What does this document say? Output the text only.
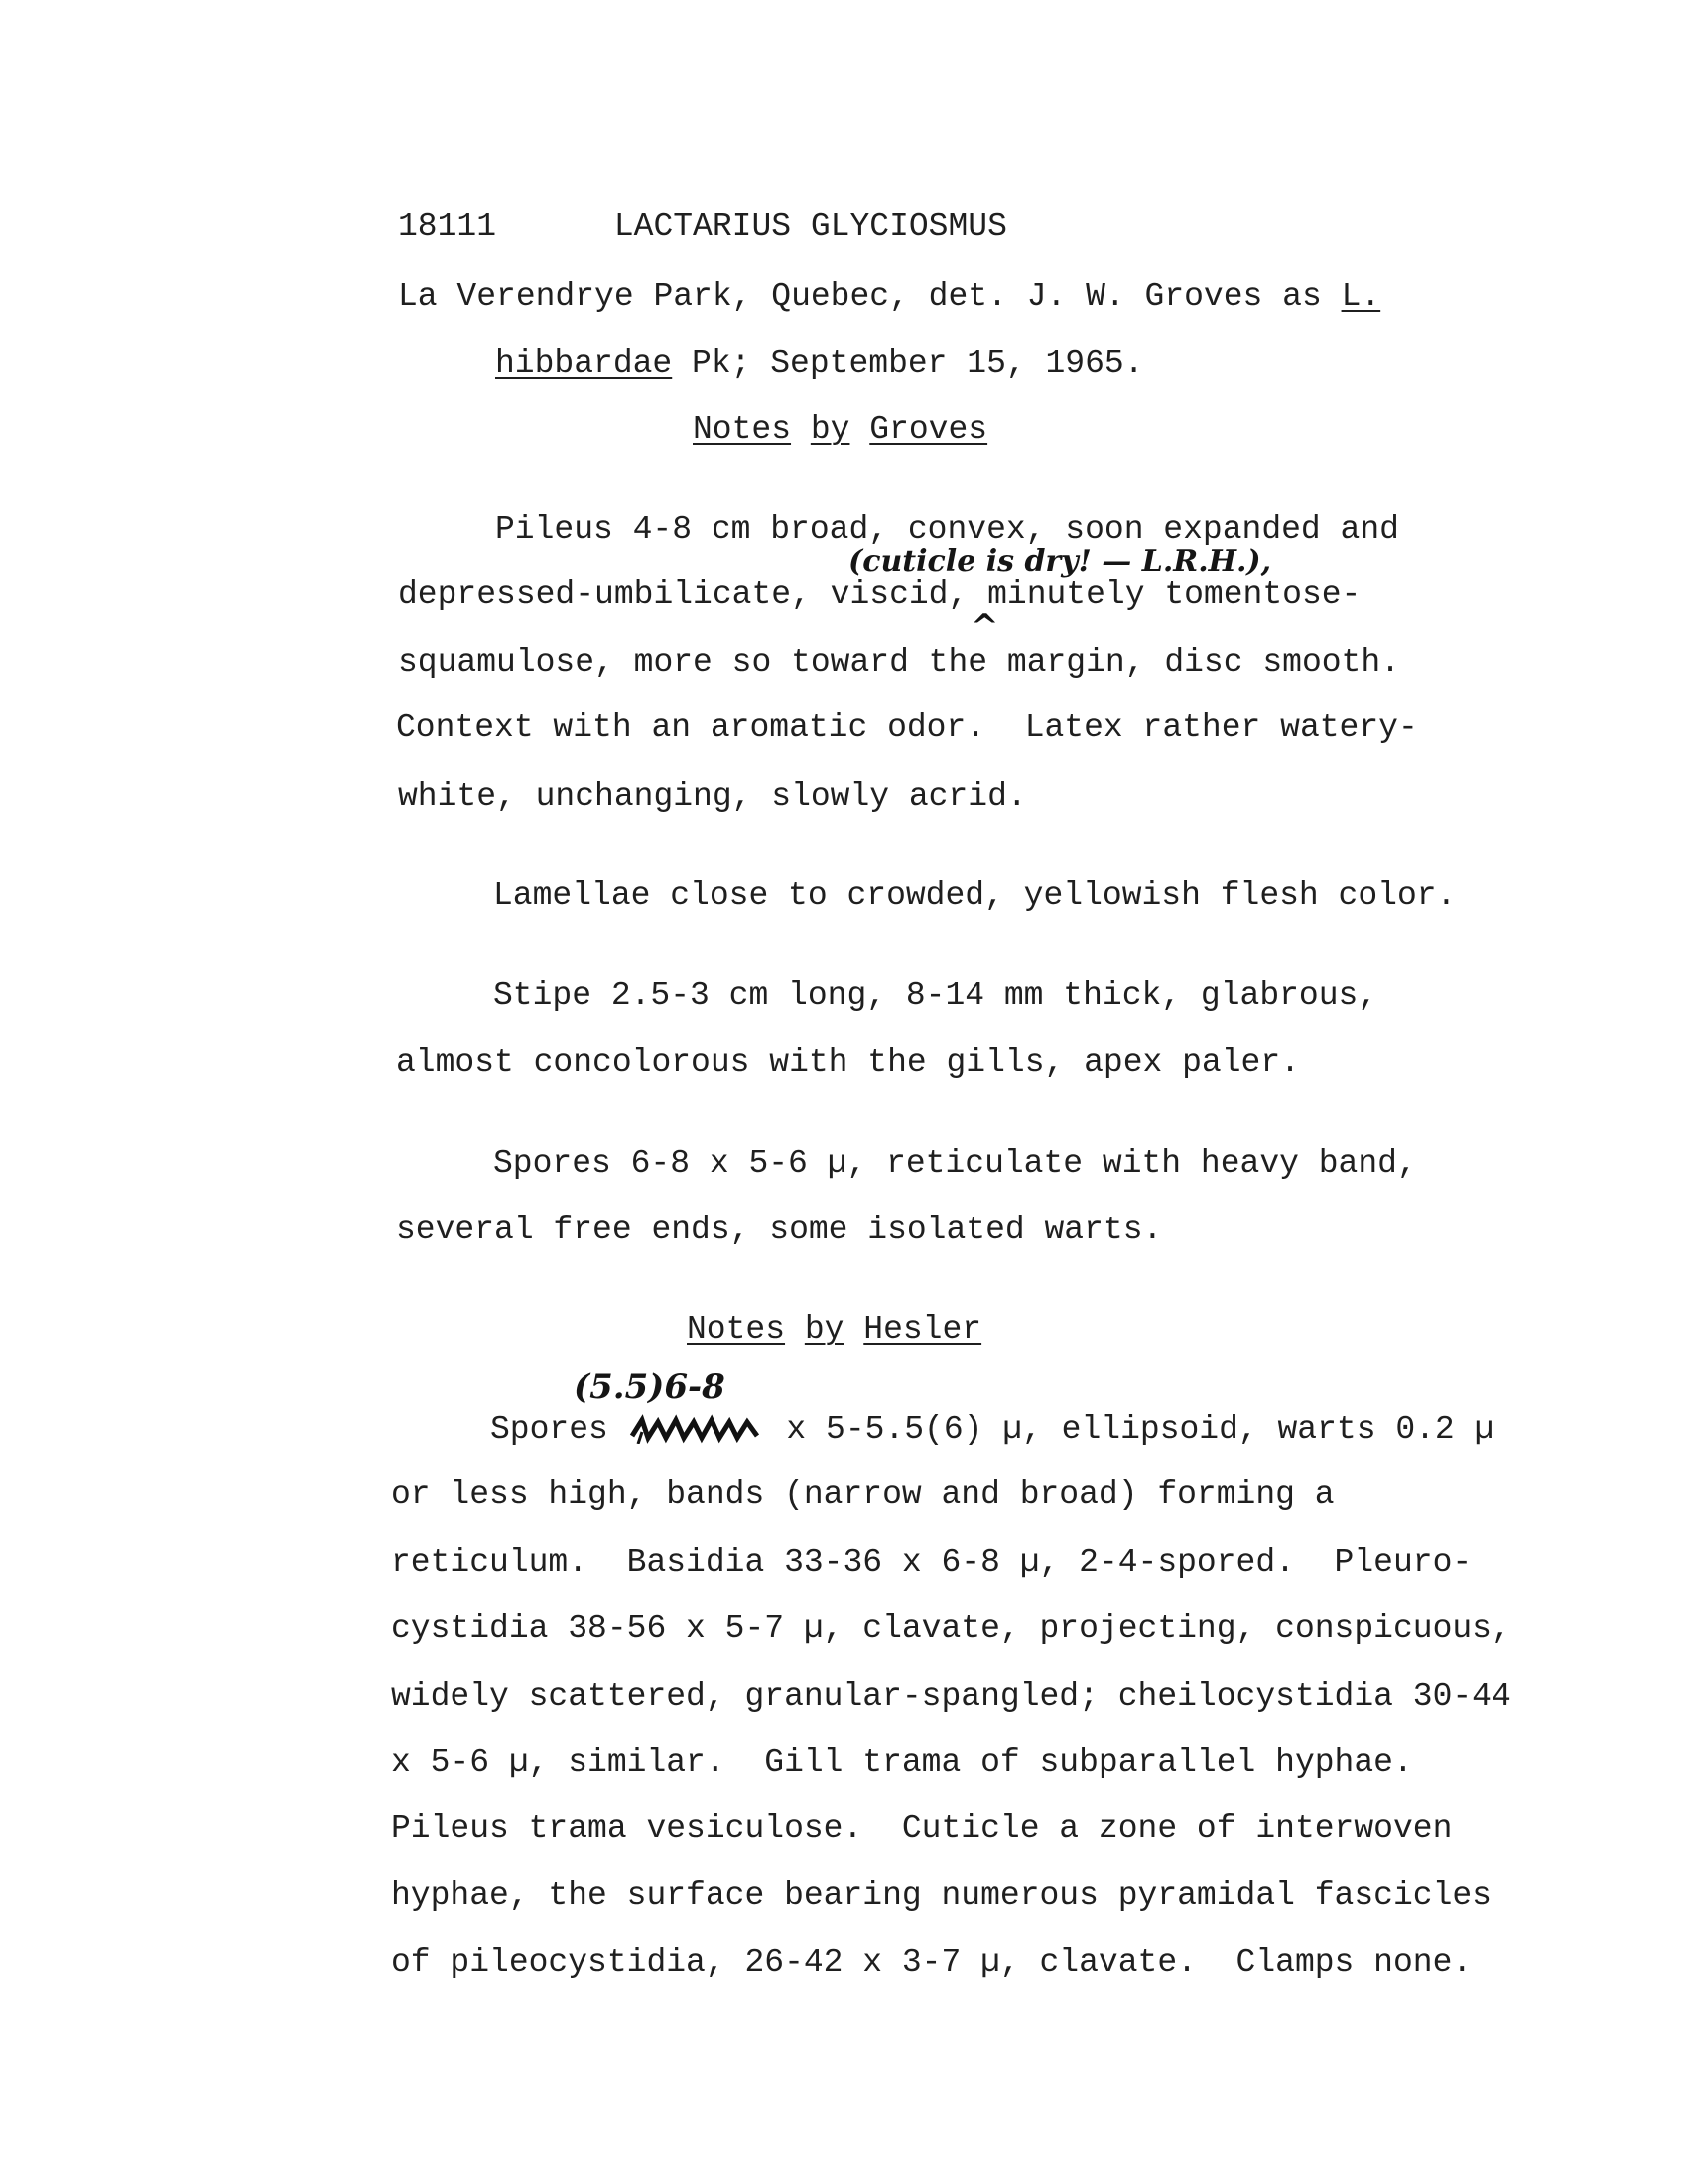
18111      LACTARIUS GLYCIOSMUS
La Verendrye Park, Quebec, det. J. W. Groves as L.
hibbardae Pk; September 15, 1965.
Notes by Groves
Pileus 4-8 cm broad, convex, soon expanded and
depressed-umbilicate, viscid, minutely tomentose-
squamulose, more so toward the margin, disc smooth.
Context with an aromatic odor.  Latex rather watery-
white, unchanging, slowly acrid.
Lamellae close to crowded, yellowish flesh color.
Stipe 2.5-3 cm long, 8-14 mm thick, glabrous,
almost concolorous with the gills, apex paler.
Spores 6-8 x 5-6 µ, reticulate with heavy band,
several free ends, some isolated warts.
Notes by Hesler
Spores	x 5-5.5(6) µ, ellipsoid, warts 0.2 µ
or less high, bands (narrow and broad) forming a
reticulum.  Basidia 33-36 x 6-8 µ, 2-4-spored.  Pleuro-
cystidia 38-56 x 5-7 µ, clavate, projecting, conspicuous,
widely scattered, granular-spangled; cheilocystidia 30-44
x 5-6 µ, similar.  Gill trama of subparallel hyphae.
Pileus trama vesiculose.  Cuticle a zone of interwoven
hyphae, the surface bearing numerous pyramidal fascicles
of pileocystidia, 26-42 x 3-7 µ, clavate.  Clamps none.
(cuticle is dry! — L.R.H.),
^
(5.5)6-8
